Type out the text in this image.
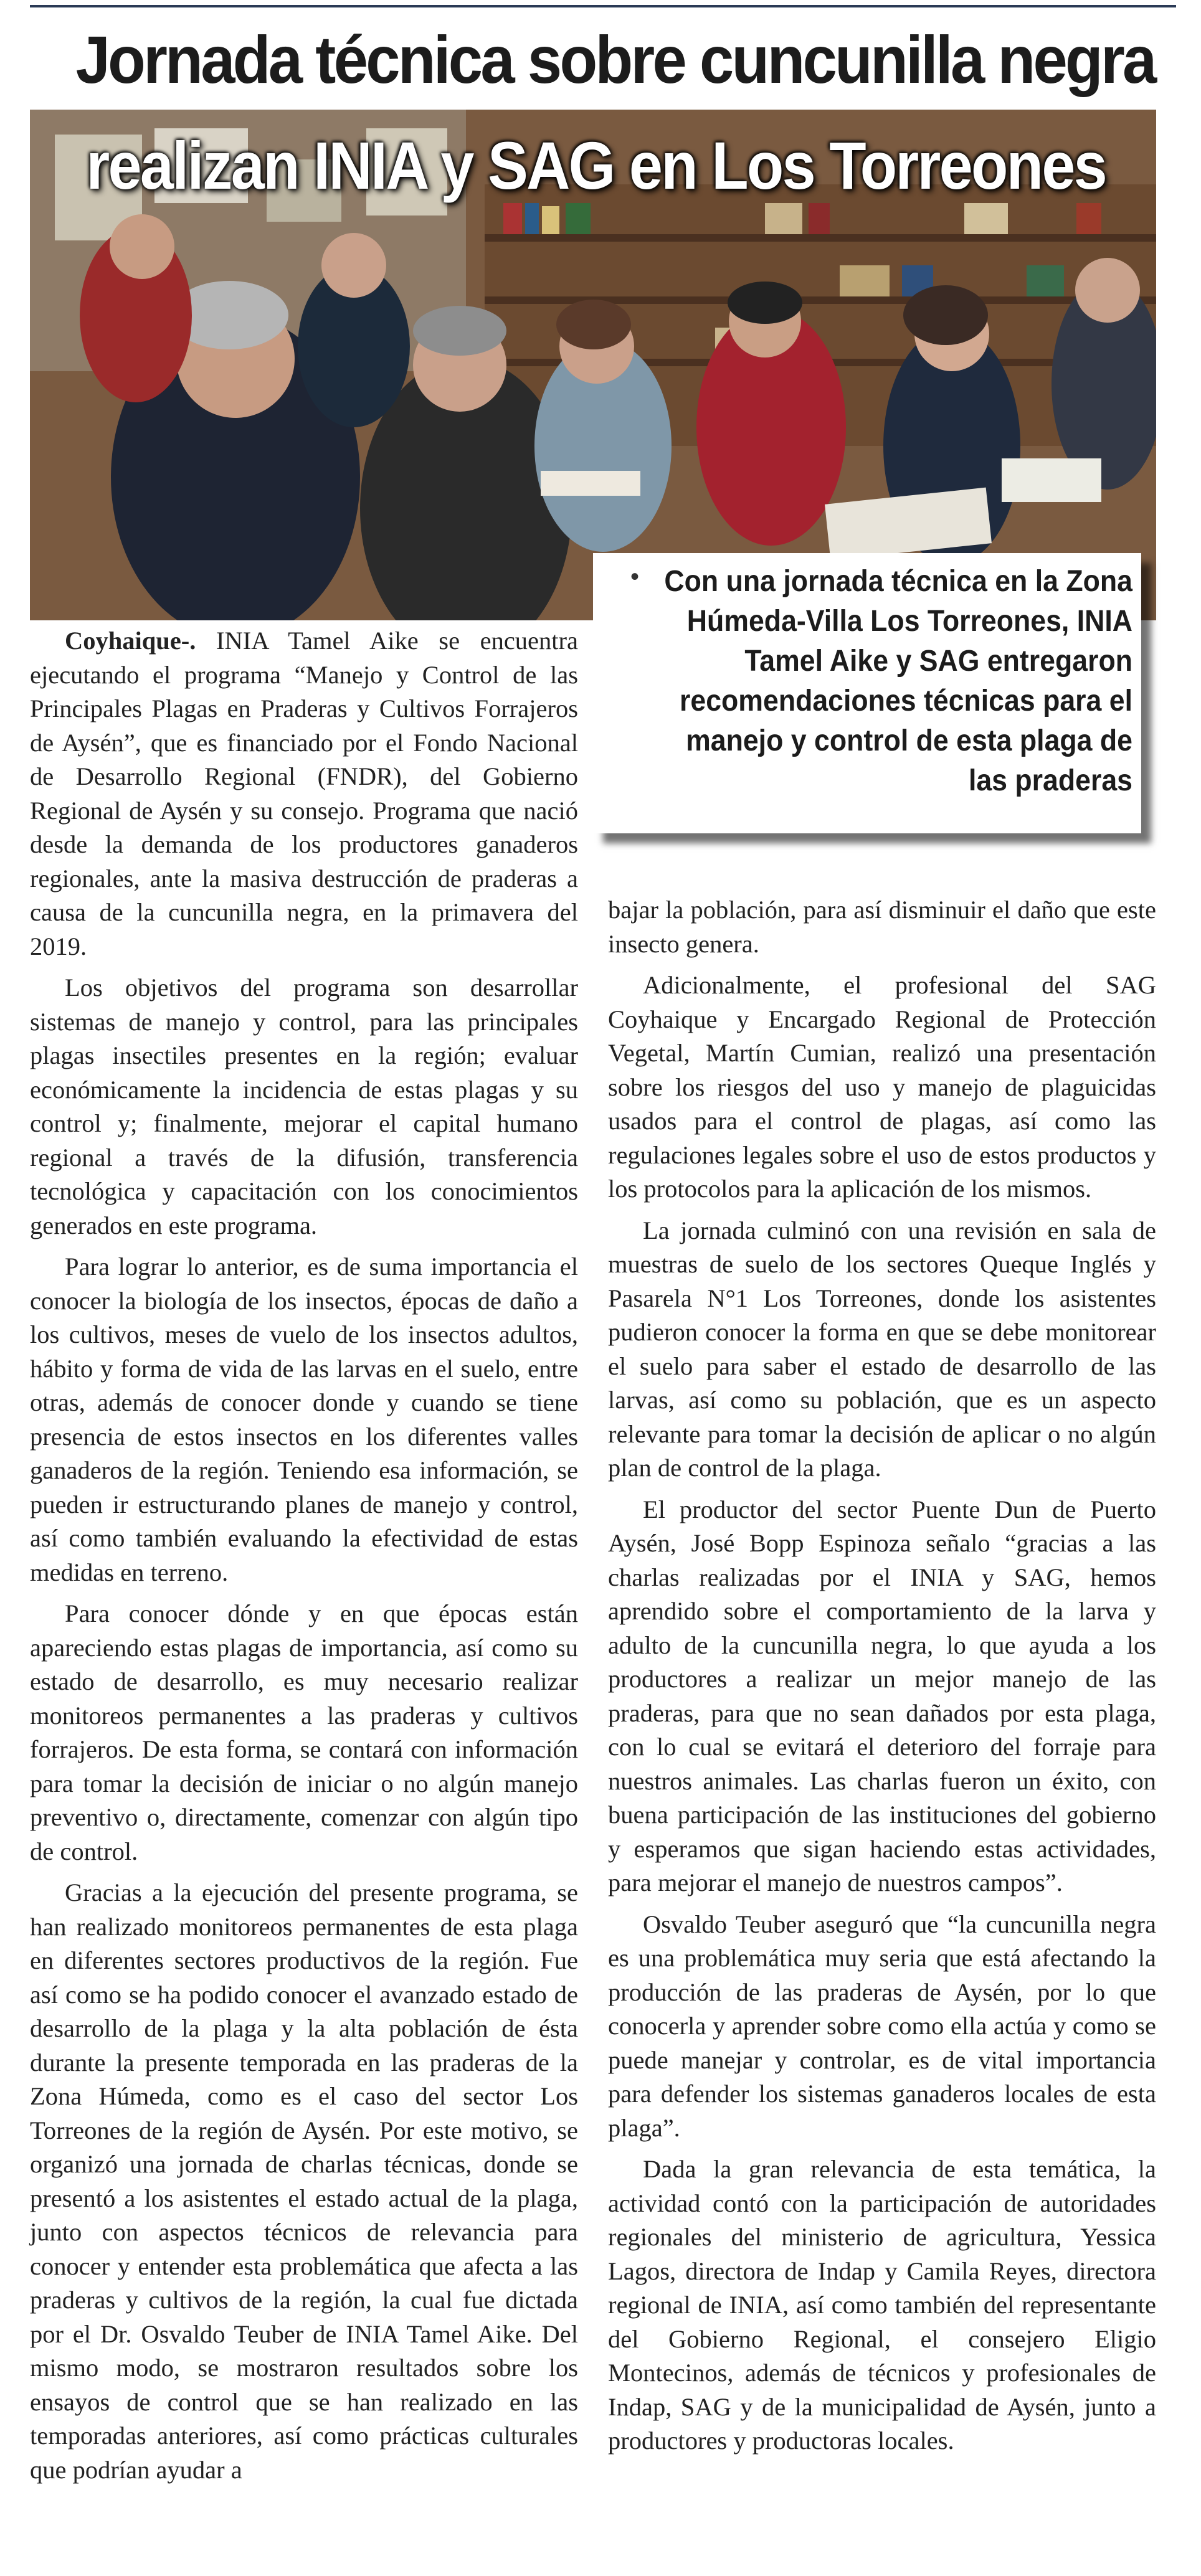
Jornada técnica sobre cuncunilla negra
realizan INIA y SAG en Los Torreones
• Con una jornada técnica en la Zona Húmeda-Villa Los Torreones, INIA Tamel Aike y SAG entregaron recomendaciones técnicas para el manejo y control de esta plaga de las praderas

Coyhaique-. INIA Tamel Aike se encuentra ejecutando el programa “Manejo y Control de las Principales Plagas en Praderas y Cultivos Forrajeros de Aysén”, que es financiado por el Fondo Nacional de Desarrollo Regional (FNDR), del Gobierno Regional de Aysén y su consejo. Programa que nació desde la demanda de los productores ganaderos regionales, ante la masiva destrucción de praderas a causa de la cuncunilla negra, en la primavera del 2019.

Los objetivos del programa son desarrollar sistemas de manejo y control, para las principales plagas insectiles presentes en la región; evaluar económicamente la incidencia de estas plagas y su control y; finalmente, mejorar el capital humano regional a través de la difusión, transferencia tecnológica y capacitación con los conocimientos generados en este programa.

Para lograr lo anterior, es de suma importancia el conocer la biología de los insectos, épocas de daño a los cultivos, meses de vuelo de los insectos adultos, hábito y forma de vida de las larvas en el suelo, entre otras, además de conocer donde y cuando se tiene presencia de estos insectos en los diferentes valles ganaderos de la región. Teniendo esa información, se pueden ir estructurando planes de manejo y control, así como también evaluando la efectividad de estas medidas en terreno.

Para conocer dónde y en que épocas están apareciendo estas plagas de importancia, así como su estado de desarrollo, es muy necesario realizar monitoreos permanentes a las praderas y cultivos forrajeros. De esta forma, se contará con información para tomar la decisión de iniciar o no algún manejo preventivo o, directamente, comenzar con algún tipo de control.

Gracias a la ejecución del presente programa, se han realizado monitoreos permanentes de esta plaga en diferentes sectores productivos de la región. Fue así como se ha podido conocer el avanzado estado de desarrollo de la plaga y la alta población de ésta durante la presente temporada en las praderas de la Zona Húmeda, como es el caso del sector Los Torreones de la región de Aysén. Por este motivo, se organizó una jornada de charlas técnicas, donde se presentó a los asistentes el estado actual de la plaga, junto con aspectos técnicos de relevancia para conocer y entender esta problemática que afecta a las praderas y cultivos de la región, la cual fue dictada por el Dr. Osvaldo Teuber de INIA Tamel Aike. Del mismo modo, se mostraron resultados sobre los ensayos de control que se han realizado en las temporadas anteriores, así como prácticas culturales que podrían ayudar a

bajar la población, para así disminuir el daño que este insecto genera.

Adicionalmente, el profesional del SAG Coyhaique y Encargado Regional de Protección Vegetal, Martín Cumian, realizó una presentación sobre los riesgos del uso y manejo de plaguicidas usados para el control de plagas, así como las regulaciones legales sobre el uso de estos productos y los protocolos para la aplicación de los mismos.

La jornada culminó con una revisión en sala de muestras de suelo de los sectores Queque Inglés y Pasarela N°1 Los Torreones, donde los asistentes pudieron conocer la forma en que se debe monitorear el suelo para saber el estado de desarrollo de las larvas, así como su población, que es un aspecto relevante para tomar la decisión de aplicar o no algún plan de control de la plaga.

El productor del sector Puente Dun de Puerto Aysén, José Bopp Espinoza señalo “gracias a las charlas realizadas por el INIA y SAG, hemos aprendido sobre el comportamiento de la larva y adulto de la cuncunilla negra, lo que ayuda a los productores a realizar un mejor manejo de las praderas, para que no sean dañados por esta plaga, con lo cual se evitará el deterioro del forraje para nuestros animales. Las charlas fueron un éxito, con buena participación de las instituciones del gobierno y esperamos que sigan haciendo estas actividades, para mejorar el manejo de nuestros campos”.

Osvaldo Teuber aseguró que “la cuncunilla negra es una problemática muy seria que está afectando la producción de las praderas de Aysén, por lo que conocerla y aprender sobre como ella actúa y como se puede manejar y controlar, es de vital importancia para defender los sistemas ganaderos locales de esta plaga”.

Dada la gran relevancia de esta temática, la actividad contó con la participación de autoridades regionales del ministerio de agricultura, Yessica Lagos, directora de Indap y Camila Reyes, directora regional de INIA, así como también del representante del Gobierno Regional, el consejero Eligio Montecinos, además de técnicos y profesionales de Indap, SAG y de la municipalidad de Aysén, junto a productores y productoras locales.
